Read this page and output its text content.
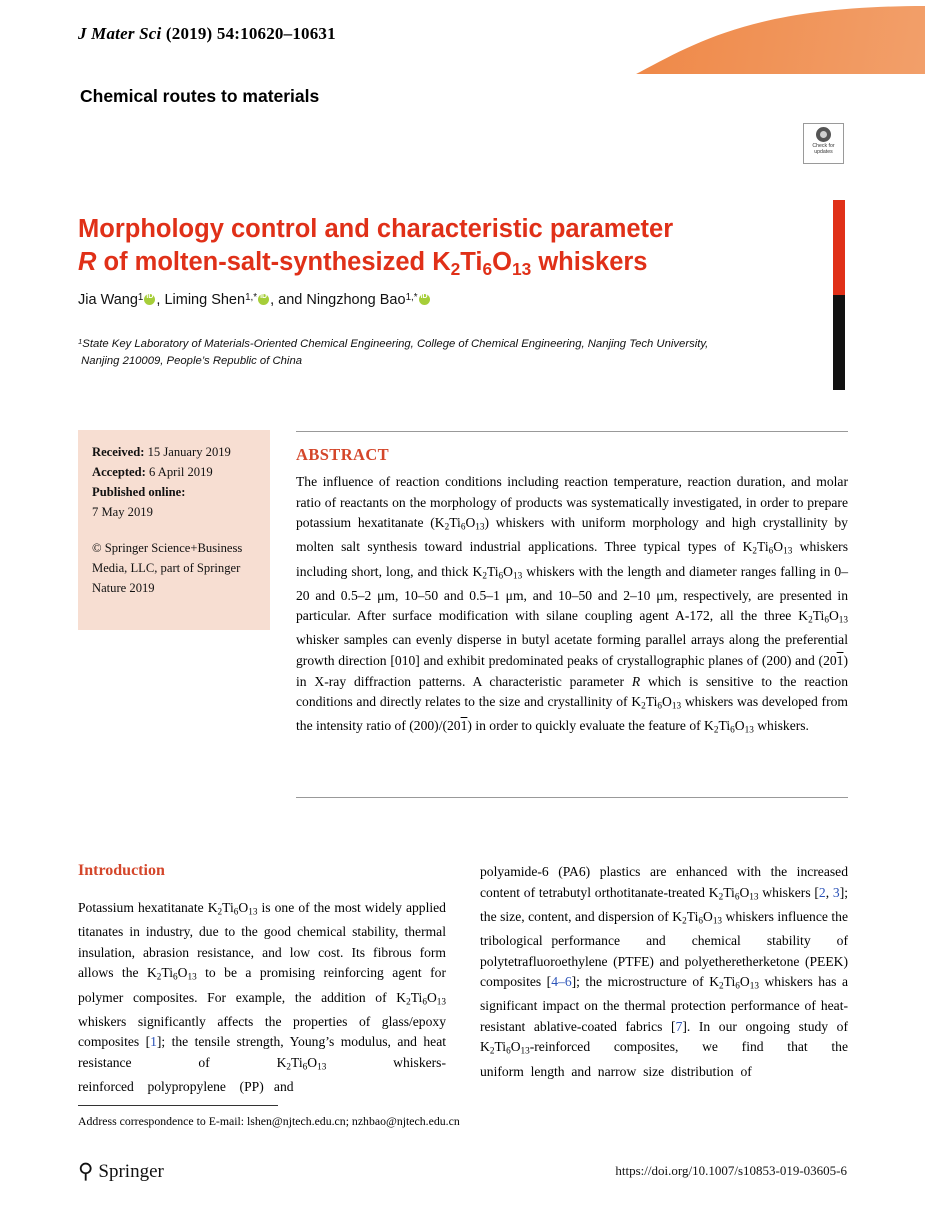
J Mater Sci (2019) 54:10620–10631
Chemical routes to materials
Check for
updates
Morphology control and characteristic parameter
R of molten-salt-synthesized $K_2Ti_6O_{13}$ whiskers
Jia Wang$^1$ iD , Liming Shen$^{1,*}$ iD , and Ningzhong Bao$^{1,*}$iD
$^1$State Key Laboratory of Materials-Oriented Chemical Engineering, College of Chemical Engineering, Nanjing Tech University,
Nanjing 210009, People’s Republic of China
Received: 15 January 2019
Accepted: 6 April 2019
Published online:
7 May 2019
© Springer Science+Business Media, LLC, part of Springer Nature 2019
ABSTRACT
The influence of reaction conditions including reaction temperature, reaction duration, and molar ratio of reactants on the morphology of products was systematically investigated, in order to prepare potassium hexatitanate $(K_2Ti_6O_{13})$ whiskers with uniform morphology and high crystallinity by molten salt synthesis toward industrial applications. Three typical types of $K_2Ti_6O_{13}$ whiskers including short, long, and thick $K_2Ti_6O_{13}$ whiskers with the length and diameter ranges falling in 0–20 and 0.5–2 μm, 10–50 and 0.5–1 μm, and 10–50 and 2–10 μm, respectively, are presented in particular. After surface modification with silane coupling agent A-172, all the three $K_2Ti_6O_{13}$ whisker samples can evenly disperse in butyl acetate forming parallel arrays along the preferential growth direction [010] and exhibit predominated peaks of crystallographic planes of (200) and (201) in X-ray diffraction patterns. A characteristic parameter R which is sensitive to the reaction conditions and directly relates to the size and crystallinity of $K_2Ti_6O_{13}$ whiskers was developed from the intensity ratio of (200)/(201) in order to quickly evaluate the feature of $K_2Ti_6O_{13}$ whiskers.
Introduction
Potassium hexatitanate $K_2Ti_6O_{13}$ is one of the most widely applied titanates in industry, due to the good chemical stability, thermal insulation, abrasion resistance, and low cost. Its fibrous form allows the $K_2Ti_6O_{13}$ to be a promising reinforcing agent for polymer composites. For example, the addition of $K_2Ti_6O_{13}$ whiskers significantly affects the properties of glass/epoxy composites [1]; the tensile strength, Young’s modulus, and heat resistance of $K_2Ti_6O_{13}$ whiskers-reinforced    polypropylene    (PP)   and
polyamide-6 (PA6) plastics are enhanced with the increased content of tetrabutyl orthotitanate-treated $K_2Ti_6O_{13}$ whiskers [2, 3]; the size, content, and dispersion of $K_2Ti_6O_{13}$ whiskers influence the tribological performance   and   chemical   stability   of polytetrafluoroethylene (PTFE) and polyetheretherketone (PEEK) composites [4–6]; the microstructure of $K_2Ti_6O_{13}$ whiskers has a significant impact on the thermal protection performance of heat-resistant ablative-coated fabrics [7]. In our ongoing study of $K_2Ti_6O_{13}$-reinforced  composites,  we  find  that  the uniform  length  and  narrow  size  distribution  of
Address correspondence to E-mail: lshen@njtech.edu.cn; nzhbao@njtech.edu.cn
⚲ Springer	https://doi.org/10.1007/s10853-019-03605-6
